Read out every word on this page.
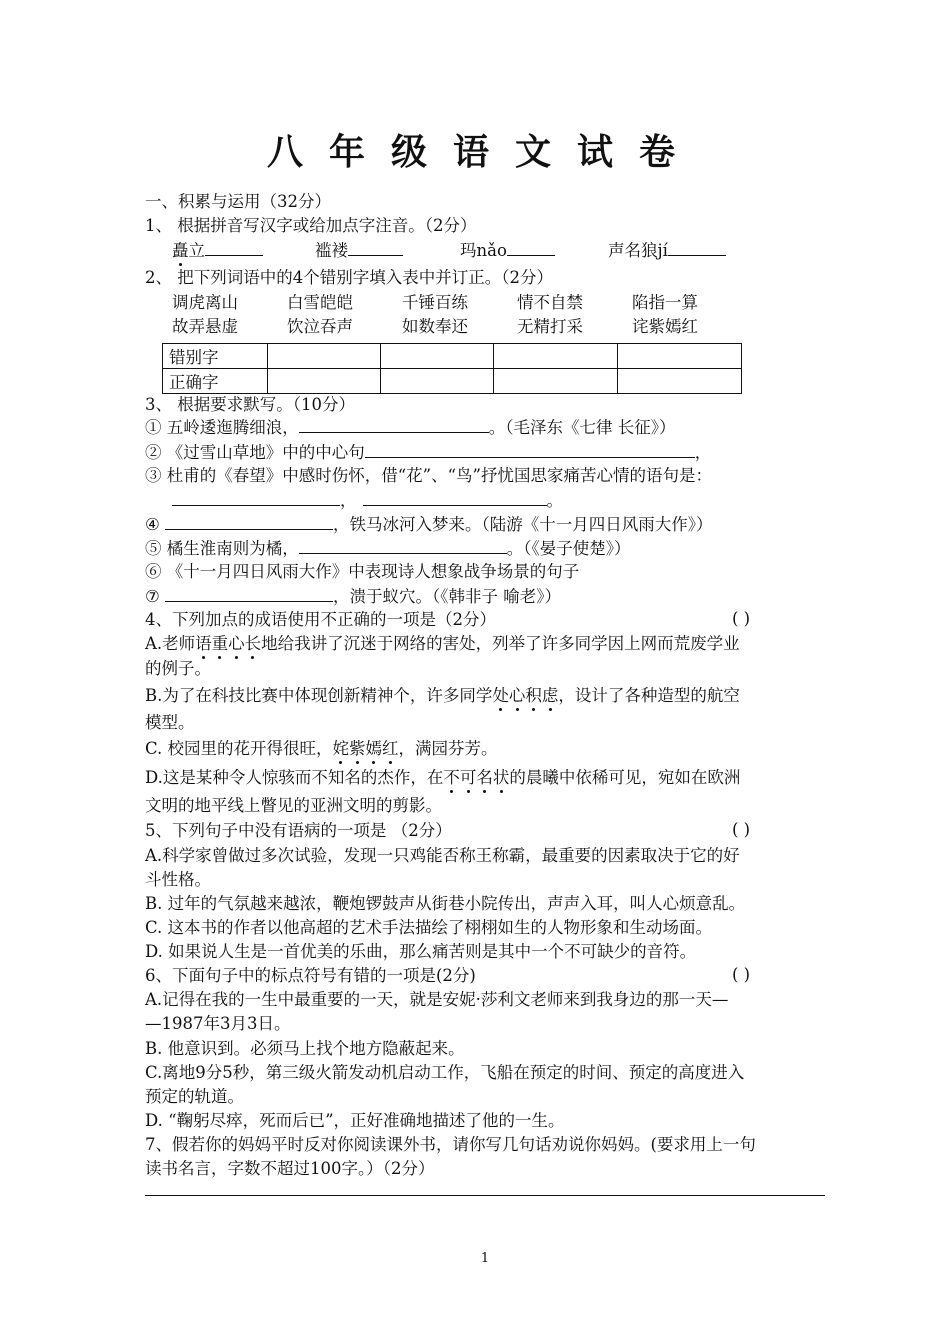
八年级语文试卷
一、积累与运用（32分）
1、 根据拼音写汉字或给加点字注音。（2分）
矗立	褴褛	玛nǎo	声名狼jí
2、 把下列词语中的4个错别字填入表中并订正。（2分）
调虎离山	白雪皑皑	千锤百练	情不自禁	陷指一算
故弄悬虚	饮泣吞声	如数奉还	无精打采	诧紫嫣红
错别字				
正确字				
3、 根据要求默写。（10分）
① 五岭逶迤腾细浪，	。（毛泽东《七律 长征》）
② 《过雪山草地》中的中心句	，
③ 杜甫的《春望》中感时伤怀，借“花”、“鸟”抒忧国思家痛苦心情的语句是：
，	。
④	，铁马冰河入梦来。（陆游《十一月四日风雨大作》）
⑤ 橘生淮南则为橘，	。（《晏子使楚》）
⑥ 《十一月四日风雨大作》中表现诗人想象战争场景的句子
⑦	，溃于蚁穴。（《韩非子 喻老》）
4、下列加点的成语使用不正确的一项是（2分）	( )
A.老师语重心长地给我讲了沉迷于网络的害处，列举了许多同学因上网而荒废学业
的例子。
B.为了在科技比赛中体现创新精神个，许多同学处心积虑，设计了各种造型的航空
模型。
C. 校园里的花开得很旺，姹紫嫣红，满园芬芳。
D.这是某种令人惊骇而不知名的杰作，在不可名状的晨曦中依稀可见，宛如在欧洲
文明的地平线上瞥见的亚洲文明的剪影。
5、下列句子中没有语病的一项是 （2分）	( )
A.科学家曾做过多次试验，发现一只鸡能否称王称霸，最重要的因素取决于它的好
斗性格。
B. 过年的气氛越来越浓，鞭炮锣鼓声从街巷小院传出，声声入耳，叫人心烦意乱。
C. 这本书的作者以他高超的艺术手法描绘了栩栩如生的人物形象和生动场面。
D. 如果说人生是一首优美的乐曲，那么痛苦则是其中一个不可缺少的音符。
6、下面句子中的标点符号有错的一项是(2分)	( )
A.记得在我的一生中最重要的一天，就是安妮·莎利文老师来到我身边的那一天—
—1987年3月3日。
B. 他意识到。必须马上找个地方隐蔽起来。
C.离地9分5秒，第三级火箭发动机启动工作，飞船在预定的时间、预定的高度进入
预定的轨道。
D. “鞠躬尽瘁，死而后已”，正好准确地描述了他的一生。
7、假若你的妈妈平时反对你阅读课外书，请你写几句话劝说你妈妈。(要求用上一句
读书名言，字数不超过100字。）（2分）
1
